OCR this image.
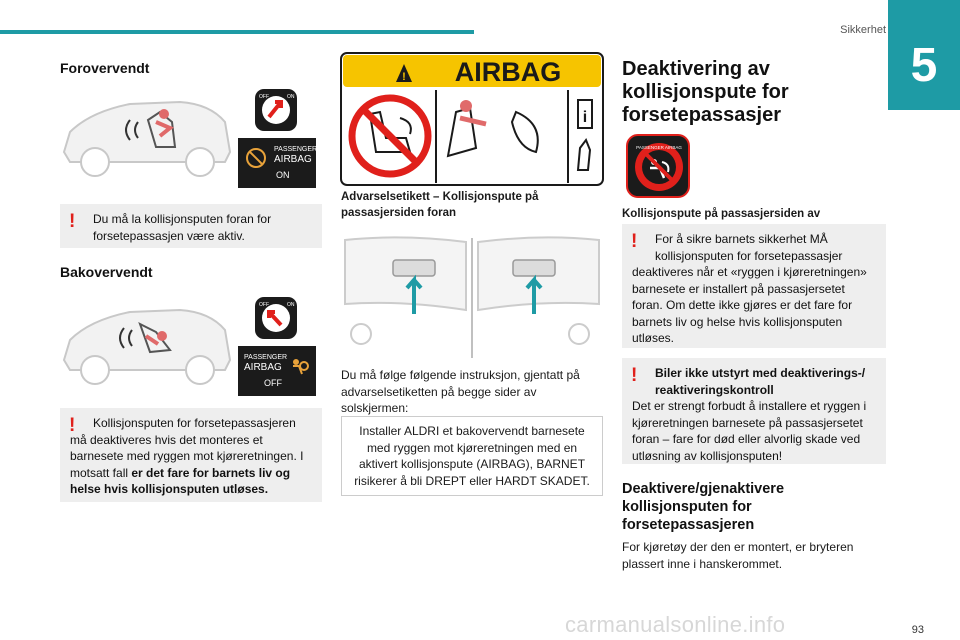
Sikkerhet
5
Forovervendt
OFF	ON
PASSENGER
AIRBAG
ON
!	Du må la kollisjonsputen foran for forsetepassasjen være aktiv.
Bakovervendt
OFF	ON
PASSENGER
AIRBAG
OFF
!	Kollisjonsputen for forsetepassasjeren må deaktiveres hvis det monteres et barnesete med ryggen mot kjøreretningen. I motsatt fall er det fare for barnets liv og helse hvis kollisjonsputen utløses.
! AIRBAG
i
Advarselsetikett – Kollisjonspute på passasjersiden foran
Du må følge følgende instruksjon, gjentatt på advarselsetiketten på begge sider av solskjermen:
Installer ALDRI et bakovervendt barnesete med ryggen mot kjøreretningen med en aktivert kollisjonspute (AIRBAG), BARNET risikerer å bli DREPT eller HARDT SKADET.
Deaktivering av kollisjonspute for forsetepassasjer
PASSENGER AIRBAG
Kollisjonspute på passasjersiden av
!	For å sikre barnets sikkerhet MÅ kollisjonsputen for forsetepassasjer
deaktiveres når et «ryggen i kjøreretningen» barnesete er installert på passasjersetet foran. Om dette ikke gjøres er det fare for barnets liv og helse hvis kollisjonsputen utløses.
!	Biler ikke utstyrt med deaktiverings-/ reaktiveringskontroll
Det er strengt forbudt å installere et ryggen i kjøreretningen barnesete på passasjersetet foran – fare for død eller alvorlig skade ved utløsning av kollisjonsputen!
Deaktivere/gjenaktivere kollisjonsputen for forsetepassasjeren
For kjøretøy der den er montert, er bryteren plassert inne i hanskerommet.
carmanualsonline.info	93
